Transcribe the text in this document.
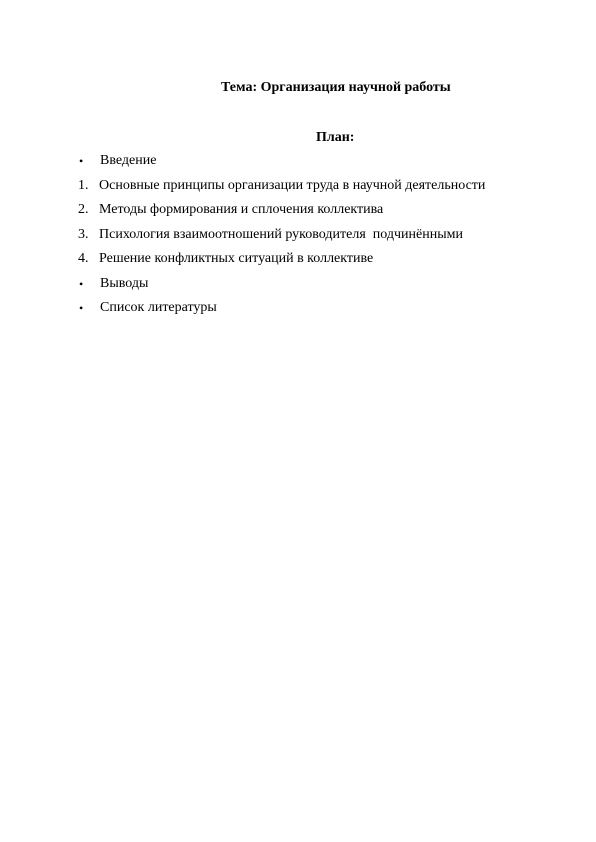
Тема: Организация научной работы
План:
•	Введение
1. Основные принципы организации труда в научной деятельности
2. Методы формирования и сплочения коллектива
3. Психология взаимоотношений руководителя  подчинёнными
4. Решение конфликтных ситуаций в коллективе
•	Выводы
•	Список литературы
